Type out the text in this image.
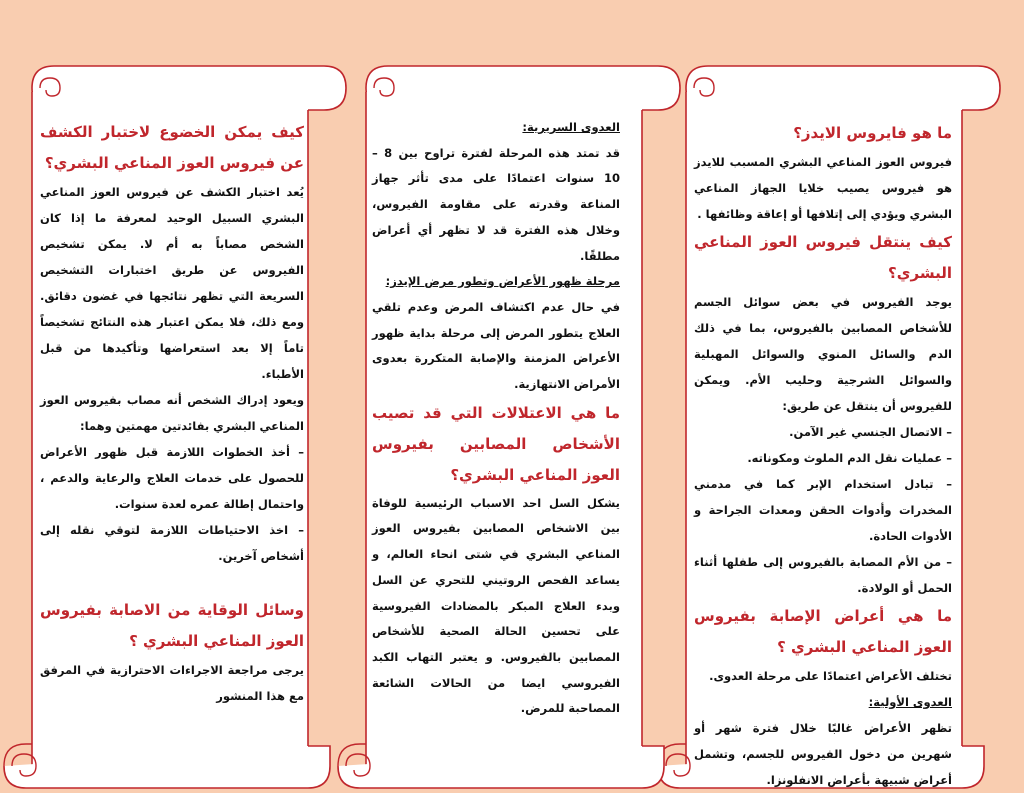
ما هو فايروس الايدز؟

فيروس العوز المناعي البشري المسبب للايدز هو فيروس يصيب خلايا الجهاز المناعي البشري ويؤدي إلى إتلافها أو إعاقة وظائفها .

كيف ينتقل فيروس العوز المناعي البشري؟

يوجد الفيروس في بعض سوائل الجسم للأشخاص المصابين بالفيروس، بما في ذلك الدم والسائل المنوي والسوائل المهبلية والسوائل الشرجية وحليب الأم. ويمكن للفيروس أن ينتقل عن طريق:

– الاتصال الجنسي غير الآمن.

– عمليات نقل الدم الملوث ومكوناته.

– تبادل استخدام الإبر كما في مدمني المخدرات وأدوات الحقن ومعدات الجراحة و الأدوات الحادة.

– من الأم المصابة بالفيروس إلى طفلها أثناء الحمل أو الولادة.

ما هي أعراض الإصابة بفيروس العوز المناعي البشري ؟

تختلف الأعراض اعتمادًا على مرحلة العدوى.

العدوى الأولية:

تظهر الأعراض غالبًا خلال فترة شهر أو شهرين من دخول الفيروس للجسم، وتشمل أعراض شبيهة بأعراض الانفلونزا.

العدوى السريرية:

قد تمتد هذه المرحلة لفترة تراوح بين 8 – 10 سنوات اعتمادًا على مدى تأثر جهاز المناعة وقدرته على مقاومة الفيروس، وخلال هذه الفترة قد لا تظهر أي أعراض مطلقًا.

مرحلة ظهور الأعراض وتطور مرض الإيدز:

في حال عدم اكتشاف المرض وعدم تلقي العلاج يتطور المرض إلى مرحلة بداية ظهور الأعراض المزمنة والإصابة المتكررة بعدوى الأمراض الانتهازية.

ما هي الاعتلالات التي قد تصيب الأشخاص المصابين بفيروس العوز المناعي البشري؟

يشكل السل احد الاسباب الرئيسية للوفاة بين الاشخاص المصابين بفيروس العوز المناعي البشري في شتى انحاء العالم، و يساعد الفحص الروتيني للتحري عن السل وبدء العلاج المبكر بالمضادات الفيروسية على تحسين الحالة الصحية للأشخاص المصابين بالفيروس. و يعتبر التهاب الكبد الفيروسي ايضا من الحالات الشائعة المصاحبة للمرض.

كيف يمكن الخضوع لاختبار الكشف عن فيروس العوز المناعي البشري؟

يُعد اختبار الكشف عن فيروس العوز المناعي البشري السبيل الوحيد لمعرفة ما إذا كان الشخص مصاباً به أم لا. يمكن تشخيص الفيروس عن طريق اختبارات التشخيص السريعة التي تظهر نتائجها في غضون دقائق. ومع ذلك، فلا يمكن اعتبار هذه النتائج تشخيصاً تاماً إلا بعد استعراضها وتأكيدها من قبل الأطباء.

ويعود إدراك الشخص أنه مصاب بفيروس العوز المناعي البشري بفائدتين مهمتين وهما:

– أخذ الخطوات اللازمة قبل ظهور الأعراض للحصول على خدمات العلاج والرعاية والدعم ، واحتمال إطالة عمره لعدة سنوات.

– اخذ الاحتياطات اللازمة لتوقي نقله إلى أشخاص آخرين.

وسائل الوقاية من الاصابة بفيروس العوز المناعي البشري ؟

يرجى مراجعة الاجراءات الاحترازية في المرفق مع هذا المنشور
